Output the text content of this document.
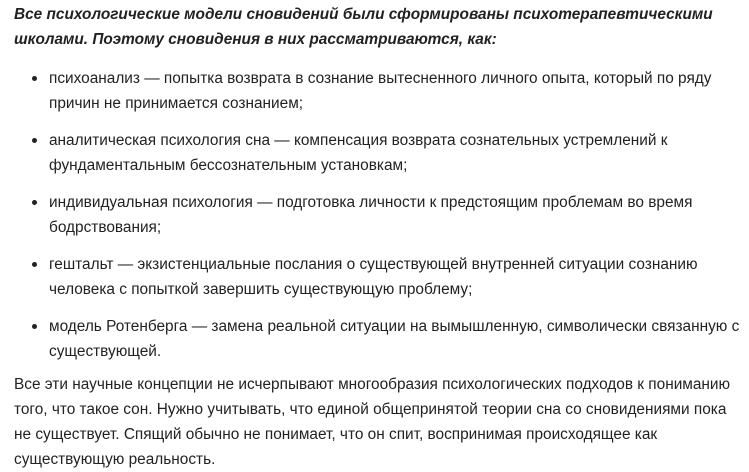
Все психологические модели сновидений были сформированы психотерапевтическими школами. Поэтому сновидения в них рассматриваются, как:

психоанализ — попытка возврата в сознание вытесненного личного опыта, который по ряду причин не принимается сознанием;
аналитическая психология сна — компенсация возврата сознательных устремлений к фундаментальным бессознательным установкам;
индивидуальная психология — подготовка личности к предстоящим проблемам во время бодрствования;
гештальт — экзистенциальные послания о существующей внутренней ситуации сознанию человека с попыткой завершить существующую проблему;
модель Ротенберга — замена реальной ситуации на вымышленную, символически связанную с существующей.

Все эти научные концепции не исчерпывают многообразия психологических подходов к пониманию того, что такое сон. Нужно учитывать, что единой общепринятой теории сна со сновидениями пока не существует. Спящий обычно не понимает, что он спит, воспринимая происходящее как существующую реальность.
